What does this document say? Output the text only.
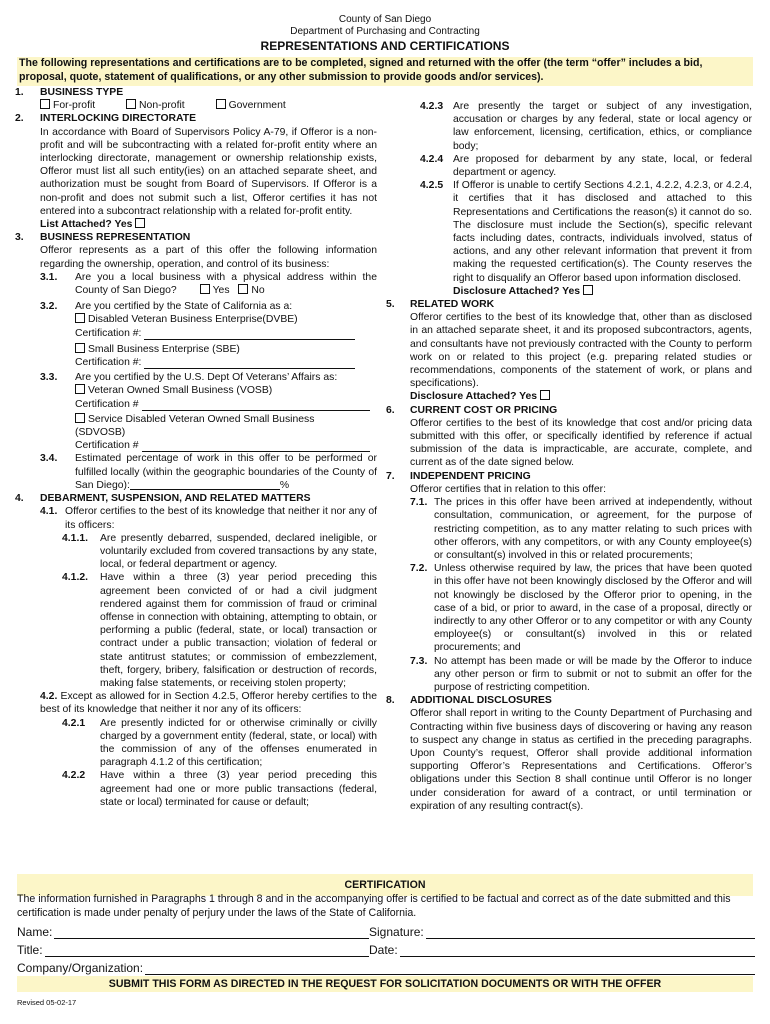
County of San Diego
Department of Purchasing and Contracting
REPRESENTATIONS AND CERTIFICATIONS
The following representations and certifications are to be completed, signed and returned with the offer (the term “offer” includes a bid, proposal, quote, statement of qualifications, or any other submission to provide goods and/or services).
1. BUSINESS TYPE
For-profit	Non-profit	Government
2. INTERLOCKING DIRECTORATE
In accordance with Board of Supervisors Policy A-79, if Offeror is a non-profit and will be subcontracting with a related for-profit entity where an interlocking directorate, management or ownership relationship exists, Offeror must list all such entity(ies) on an attached separate sheet, and authorization must be sought from Board of Supervisors. If Offeror is a non-profit and does not submit such a list, Offeror certifies it has not entered into a subcontract relationship with a related for-profit entity.
List Attached? Yes
3. BUSINESS REPRESENTATION
Offeror represents as a part of this offer the following information regarding the ownership, operation, and control of its business:
3.1. Are you a local business with a physical address within the County of San Diego?	Yes No
3.2. Are you certified by the State of California as a:
Disabled Veteran Business Enterprise(DVBE)
Certification #:
Small Business Enterprise (SBE)
Certification #:
3.3. Are you certified by the U.S. Dept Of Veterans’ Affairs as:
Veteran Owned Small Business (VOSB)
Certification #
Service Disabled Veteran Owned Small Business (SDVOSB)
Certification #
3.4. Estimated percentage of work in this offer to be performed or fulfilled locally (within the geographic boundaries of the County of San Diego):	%
4. DEBARMENT, SUSPENSION, AND RELATED MATTERS
4.1. Offeror certifies to the best of its knowledge that neither it nor any of its officers:
4.1.1. Are presently debarred, suspended, declared ineligible, or voluntarily excluded from covered transactions by any state, local, or federal department or agency.
4.1.2. Have within a three (3) year period preceding this agreement been convicted of or had a civil judgment rendered against them for commission of fraud or criminal offense in connection with obtaining, attempting to obtain, or performing a public (federal, state, or local) transaction or contract under a public transaction; violation of federal or state antitrust statutes; or commission of embezzlement, theft, forgery, bribery, falsification or destruction of records, making false statements, or receiving stolen property;
4.2. Except as allowed for in Section 4.2.5, Offeror hereby certifies to the best of its knowledge that neither it nor any of its officers:
4.2.1 Are presently indicted for or otherwise criminally or civilly charged by a government entity (federal, state, or local) with the commission of any of the offenses enumerated in paragraph 4.1.2 of this certification;
4.2.2 Have within a three (3) year period preceding this agreement had one or more public transactions (federal, state or local) terminated for cause or default;
4.2.3 Are presently the target or subject of any investigation, accusation or charges by any federal, state or local agency or law enforcement, licensing, certification, ethics, or compliance body;
4.2.4 Are proposed for debarment by any state, local, or federal department or agency.
4.2.5 If Offeror is unable to certify Sections 4.2.1, 4.2.2, 4.2.3, or 4.2.4, it certifies that it has disclosed and attached to this Representations and Certifications the reason(s) it cannot do so. The disclosure must include the Section(s), specific relevant facts including dates, contracts, individuals involved, status of actions, and any other relevant information that prevent it from making the requested certification(s). The County reserves the right to disqualify an Offeror based upon information disclosed.
Disclosure Attached? Yes
5. RELATED WORK
Offeror certifies to the best of its knowledge that, other than as disclosed in an attached separate sheet, it and its proposed subcontractors, agents, and consultants have not previously contracted with the County to perform work on or related to this project (e.g. preparing related studies or recommendations, components of the statement of work, or plans and specifications).
Disclosure Attached? Yes
6. CURRENT COST OR PRICING
Offeror certifies to the best of its knowledge that cost and/or pricing data submitted with this offer, or specifically identified by reference if actual submission of the data is impracticable, are accurate, complete, and current as of the date signed below.
7. INDEPENDENT PRICING
Offeror certifies that in relation to this offer:
7.1. The prices in this offer have been arrived at independently, without consultation, communication, or agreement, for the purpose of restricting competition, as to any matter relating to such prices with other offerors, with any competitors, or with any County employee(s) or consultant(s) involved in this or related procurements;
7.2. Unless otherwise required by law, the prices that have been quoted in this offer have not been knowingly disclosed by the Offeror and will not knowingly be disclosed by the Offeror prior to opening, in the case of a bid, or prior to award, in the case of a proposal, directly or indirectly to any other Offeror or to any competitor or with any County employee(s) or consultant(s) involved in this or related procurements; and
7.3. No attempt has been made or will be made by the Offeror to induce any other person or firm to submit or not to submit an offer for the purpose of restricting competition.
8. ADDITIONAL DISCLOSURES
Offeror shall report in writing to the County Department of Purchasing and Contracting within five business days of discovering or having any reason to suspect any change in status as certified in the preceding paragraphs. Upon County’s request, Offeror shall provide additional information supporting Offeror’s Representations and Certifications. Offeror’s obligations under this Section 8 shall continue until Offeror is no longer under consideration for award of a contract, or until termination or expiration of any resulting contract(s).
CERTIFICATION
The information furnished in Paragraphs 1 through 8 and in the accompanying offer is certified to be factual and correct as of the date submitted and this certification is made under penalty of perjury under the laws of the State of California.
Name:	Signature:
Title:	Date:
Company/Organization:
SUBMIT THIS FORM AS DIRECTED IN THE REQUEST FOR SOLICITATION DOCUMENTS OR WITH THE OFFER
Revised 05-02-17
